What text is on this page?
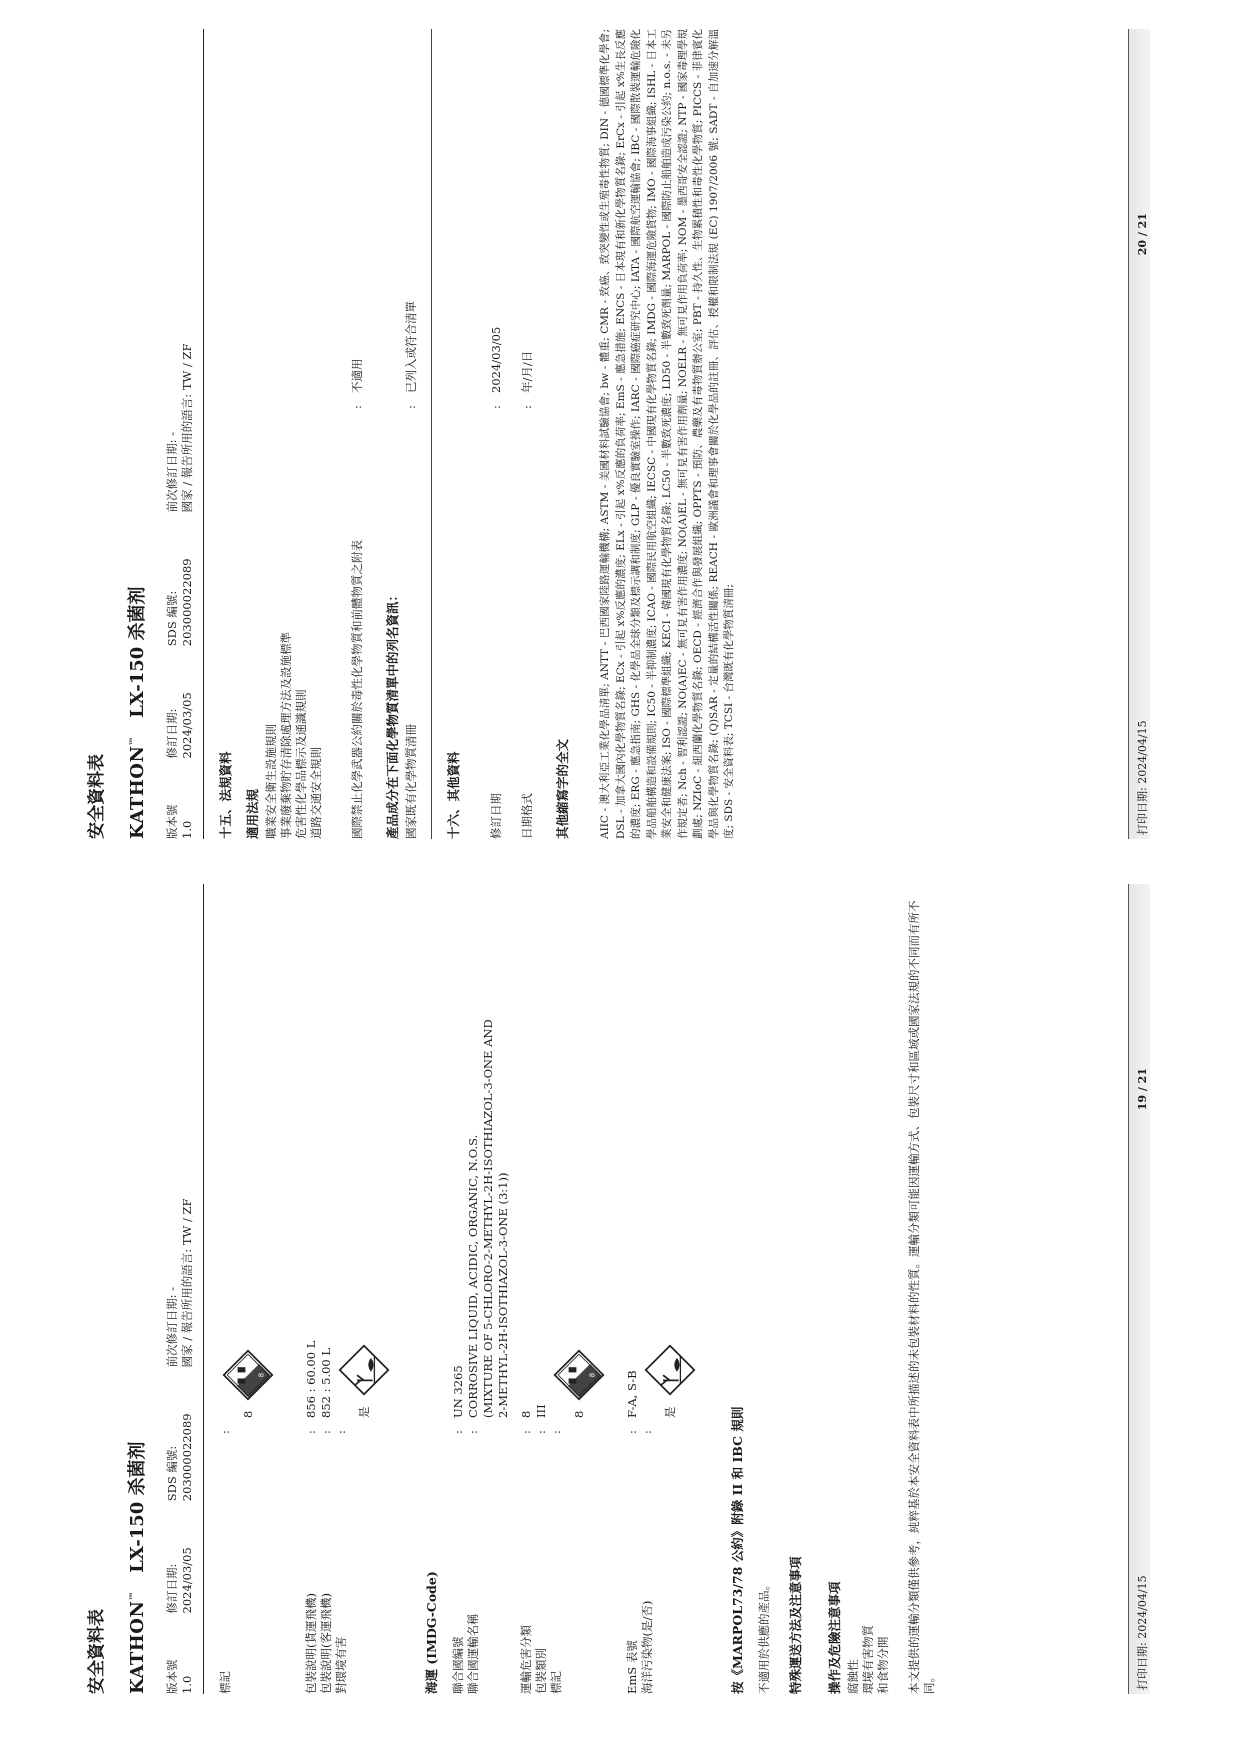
安全資料表 KATHON™   LX-150 杀菌剂
版本號 1.0
修訂日期: 2024/03/05
SDS 編號: 203000022089
前次修訂日期: - 國家 / 報告所用的語言: TW / ZF
標記
:
8
8
包裝說明(貨運飛機)
:
856 : 60.00 L
包裝說明(客運飛機)
:
852 : 5.00 L
對環境有害
:
是
海運 (IMDG-Code) 聯合國編號
:
UN 3265
聯合國運輸名稱
:
CORROSIVE LIQUID, ACIDIC, ORGANIC, N.O.S.
(MIXTURE OF 5-CHLORO-2-METHYL-2H-ISOTHIAZOL-3-ONE AND
2-METHYL-2H-ISOTHIAZOL-3-ONE (3:1))
運輸危害分類
:
8
包裝類別
:
III
標記
:
8
8
EmS 表號
:
F-A, S-B
海洋污染物(是/否)
:
是	按《MARPOL73/78 公約》附錄 II 和 IBC 規則 不適用於供應的產品。 特殊運送方法及注意事項 操作及危險注意事項 腐蝕性 環境有害物質 和食物分開 本文提供的運輸分類僅供參考，純粹基於本安全資料表中所描述的未包裝材料的性質。運輸分類可能因運輸方式、包裝尺寸和區域或國家法規的不同而有所不同。	打印日期: 2024/04/15
19 / 21
安全資料表 KATHON™   LX-150 杀菌剂
版本號 1.0
修訂日期: 2024/03/05
SDS 編號: 203000022089
前次修訂日期: - 國家 / 報告所用的語言: TW / ZF
十五、法規資料 適用法規 職業安全衛生設施規則 事業廢棄物貯存清除處理方法及設施標準 危害性化學品標示及通識規則 道路交通安全規則 國際禁止化學武器公約關於毒性化學物質和前體物質之附表
:
不適用
產品成分在下面化學物質清單中的列名資訊： 國家既有化學物質清冊
:
已列入或符合清單
十六、其他資料 修訂日期
:
2024/03/05
日期格式
:
年/月/日
其他縮寫字的全文	AIIC - 澳大利亞工業化學品清單; ANTT - 巴西國家陸路運輸機構; ASTM - 美國材料試驗協會; bw - 體重; CMR - 致癌、致突變性或生殖毒性物質; DIN - 德國標準化學會; DSL - 加拿大國內化學物質名錄; ECx - 引起 x%反應的濃度; ELx - 引起 x%反應的負荷率; EmS - 應急措施; ENCS - 日本現有和新化學物質名錄; ErCx - 引起 x%生長反應的濃度; ERG - 應急指南; GHS - 化學品全球分類及標示調和制度; GLP - 優良實驗室操作; IARC - 國際癌症研究中心; IATA - 國際航空運輸協會; IBC - 國際散裝運輸危險化學品船舶構造和設備規則; IC50 - 半抑制濃度; ICAO - 國際民用航空組織; IECSC - 中國現有化學物質名錄; IMDG - 國際海運危險貨物; IMO - 國際海事組織; ISHL - 日本工業安全和健康法案; ISO - 國際標準組織; KECI - 韓國現有化學物質名錄; LC50 - 半數致死濃度; LD50 - 半數致死劑量; MARPOL - 國際防止船舶造成污染公約; n.o.s. - 未另作規定者; Nch - 智利認證; NO(A)EC - 無可見有害作用濃度; NO(A)EL - 無可見有害作用劑量; NOELR - 無可見作用負荷率; NOM - 墨西哥安全認證; NTP - 國家毒理學規劃處; NZIoC - 紐西蘭化學物質名錄; OECD - 經濟合作與發展組織; OPPTS - 預防、農藥及有毒物質辦公室; PBT - 持久性、生物累積性和毒性化學物質; PICCS - 菲律賓化學品與化學物質名錄; (Q)SAR - 定量的結構活性關係; REACH - 歐洲議會和理事會關於化學品的註冊、評估、授權和限制法規 (EC) 1907/2006 號; SADT - 自加速分解溫度; SDS - 安全資料表; TCSI - 台灣既有化學物質清冊;	打印日期: 2024/04/15
20 / 21
